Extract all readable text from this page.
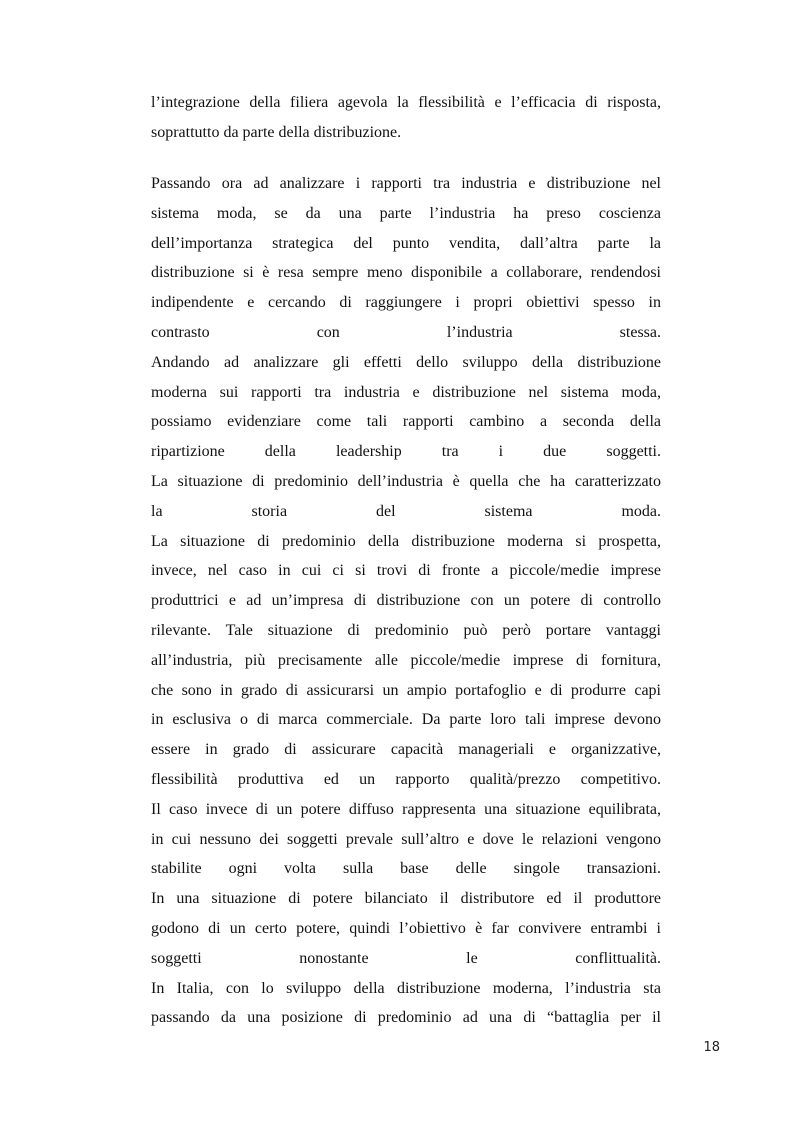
l’integrazione della filiera agevola la flessibilità e l’efficacia di risposta,
soprattutto da parte della distribuzione.
Passando ora ad analizzare i rapporti tra industria e distribuzione nel
sistema moda, se da una parte l’industria ha preso coscienza
dell’importanza strategica del punto vendita, dall’altra parte la
distribuzione si è resa sempre meno disponibile a collaborare, rendendosi
indipendente e cercando di raggiungere i propri obiettivi spesso in
contrasto con l’industria stessa.
Andando ad analizzare gli effetti dello sviluppo della distribuzione
moderna sui rapporti tra industria e distribuzione nel sistema moda,
possiamo evidenziare come tali rapporti cambino a seconda della
ripartizione della leadership tra i due soggetti.
La situazione di predominio dell’industria è quella che ha caratterizzato
la storia del sistema moda.
La situazione di predominio della distribuzione moderna si prospetta,
invece, nel caso in cui ci si trovi di fronte a piccole/medie imprese
produttrici e ad un’impresa di distribuzione con un potere di controllo
rilevante. Tale situazione di predominio può però portare vantaggi
all’industria, più precisamente alle piccole/medie imprese di fornitura,
che sono in grado di assicurarsi un ampio portafoglio e di produrre capi
in esclusiva o di marca commerciale. Da parte loro tali imprese devono
essere in grado di assicurare capacità manageriali e organizzative,
flessibilità produttiva ed un rapporto qualità/prezzo competitivo.
Il caso invece di un potere diffuso rappresenta una situazione equilibrata,
in cui nessuno dei soggetti prevale sull’altro e dove le relazioni vengono
stabilite ogni volta sulla base delle singole transazioni.
In una situazione di potere bilanciato il distributore ed il produttore
godono di un certo potere, quindi l’obiettivo è far convivere entrambi i
soggetti nonostante le conflittualità.
In Italia, con lo sviluppo della distribuzione moderna, l’industria sta
passando da una posizione di predominio ad una di “battaglia per il
18
